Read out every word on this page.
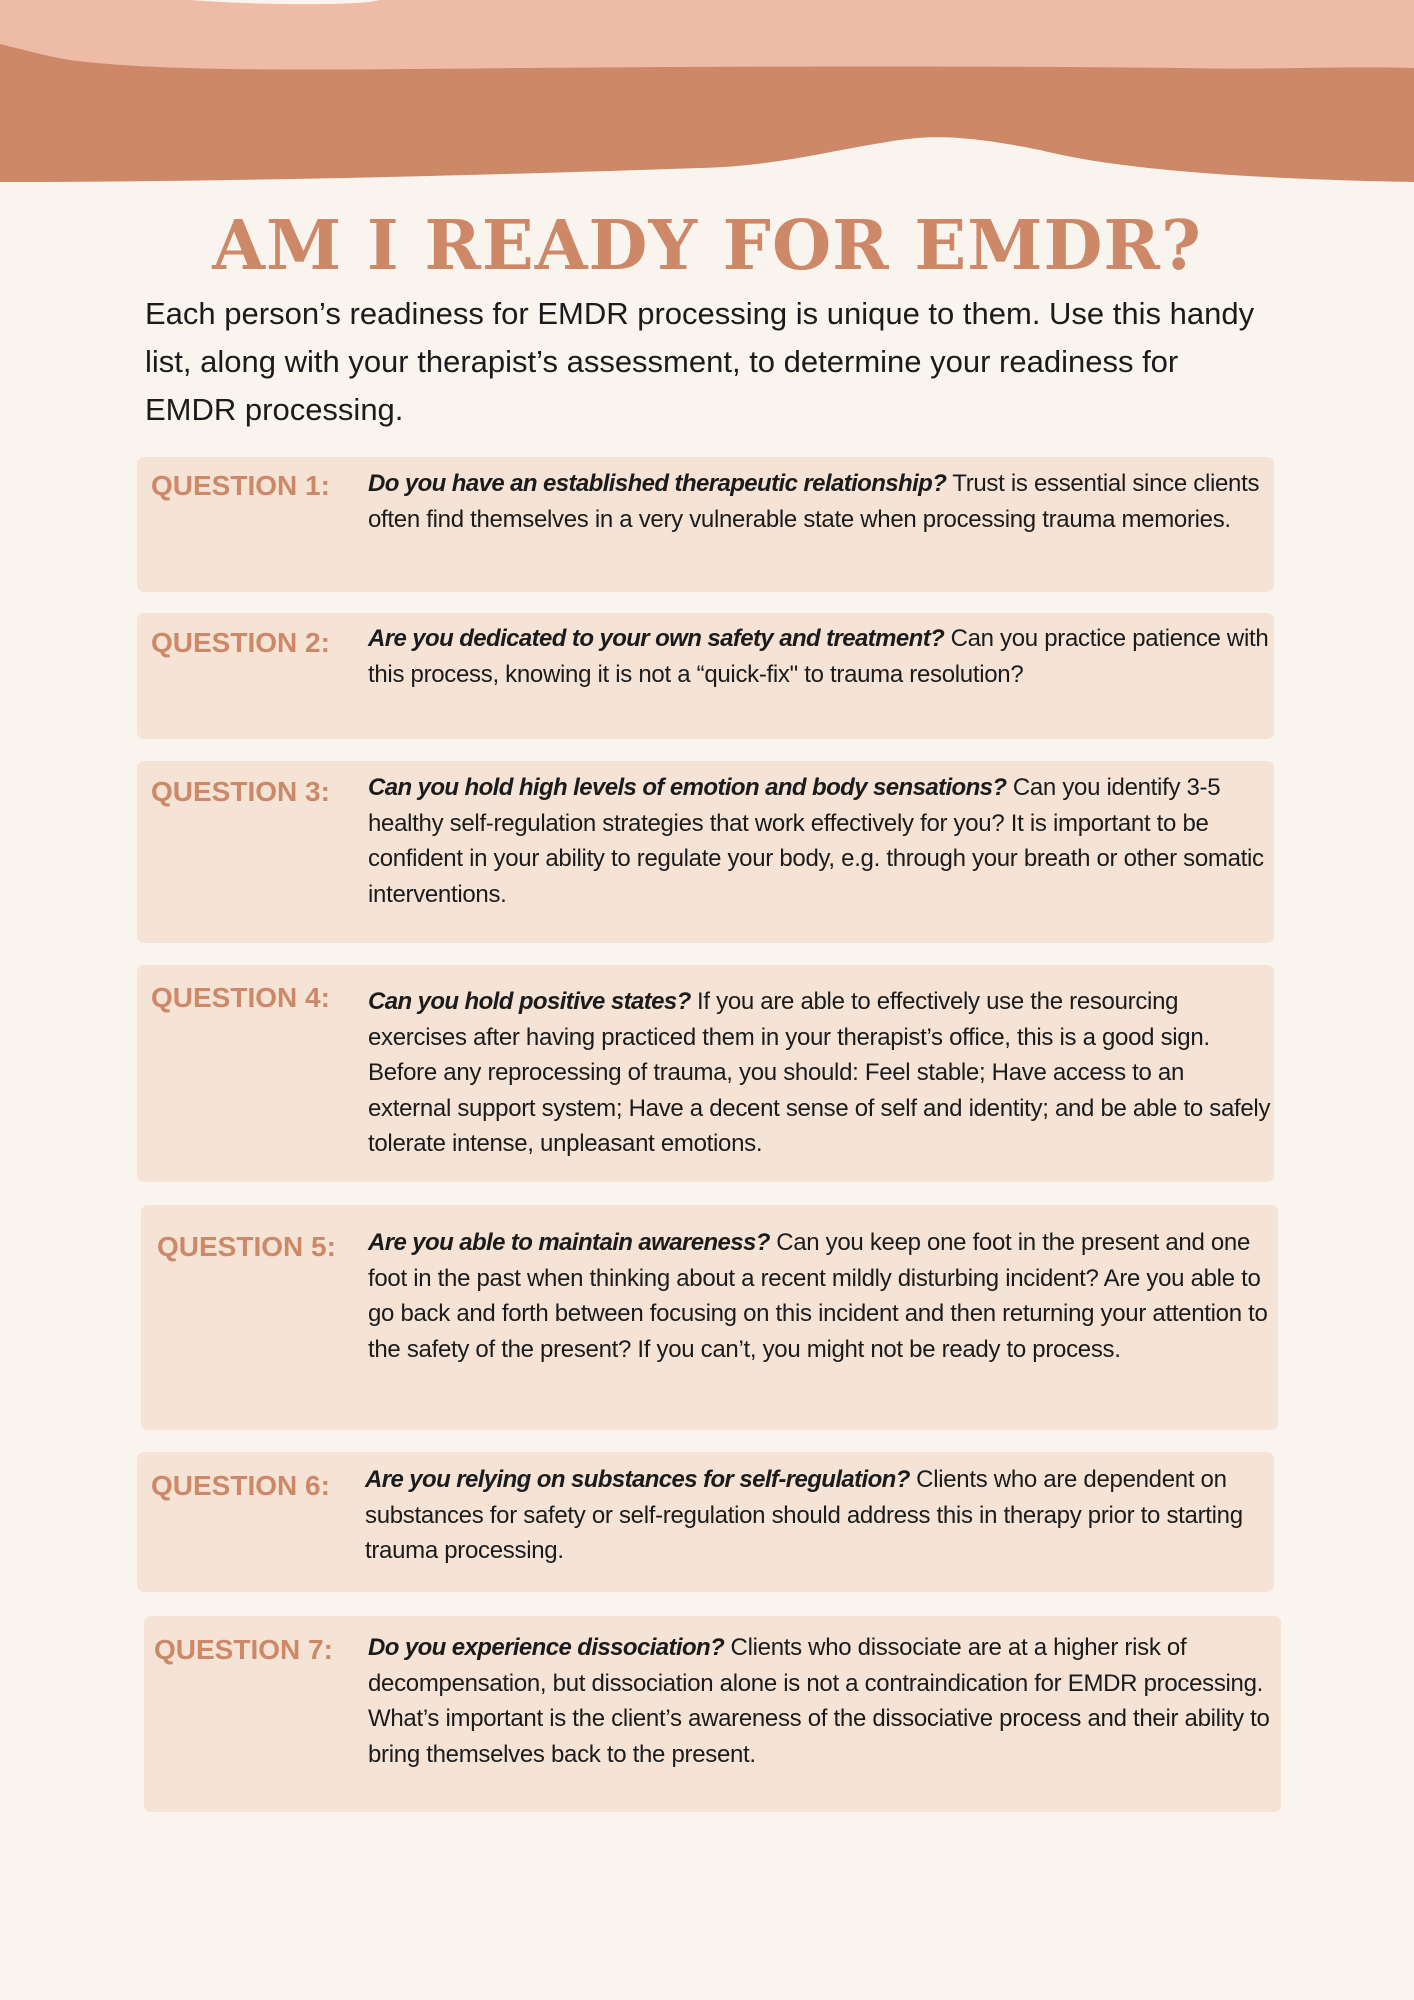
AM I READY FOR EMDR?

Each person’s readiness for EMDR processing is unique to them. Use this handy list, along with your therapist’s assessment, to determine your readiness for EMDR processing.

QUESTION 1: Do you have an established therapeutic relationship? Trust is essential since clients often find themselves in a very vulnerable state when processing trauma memories.

QUESTION 2: Are you dedicated to your own safety and treatment? Can you practice patience with this process, knowing it is not a “quick-fix" to trauma resolution?

QUESTION 3: Can you hold high levels of emotion and body sensations? Can you identify 3-5 healthy self-regulation strategies that work effectively for you? It is important to be confident in your ability to regulate your body, e.g. through your breath or other somatic interventions.

QUESTION 4: Can you hold positive states? If you are able to effectively use the resourcing exercises after having practiced them in your therapist’s office, this is a good sign. Before any reprocessing of trauma, you should: Feel stable; Have access to an external support system; Have a decent sense of self and identity; and be able to safely tolerate intense, unpleasant emotions.

QUESTION 5: Are you able to maintain awareness? Can you keep one foot in the present and one foot in the past when thinking about a recent mildly disturbing incident? Are you able to go back and forth between focusing on this incident and then returning your attention to the safety of the present? If you can’t, you might not be ready to process.

QUESTION 6: Are you relying on substances for self-regulation? Clients who are dependent on substances for safety or self-regulation should address this in therapy prior to starting trauma processing.

QUESTION 7: Do you experience dissociation? Clients who dissociate are at a higher risk of decompensation, but dissociation alone is not a contraindication for EMDR processing. What’s important is the client’s awareness of the dissociative process and their ability to bring themselves back to the present.
